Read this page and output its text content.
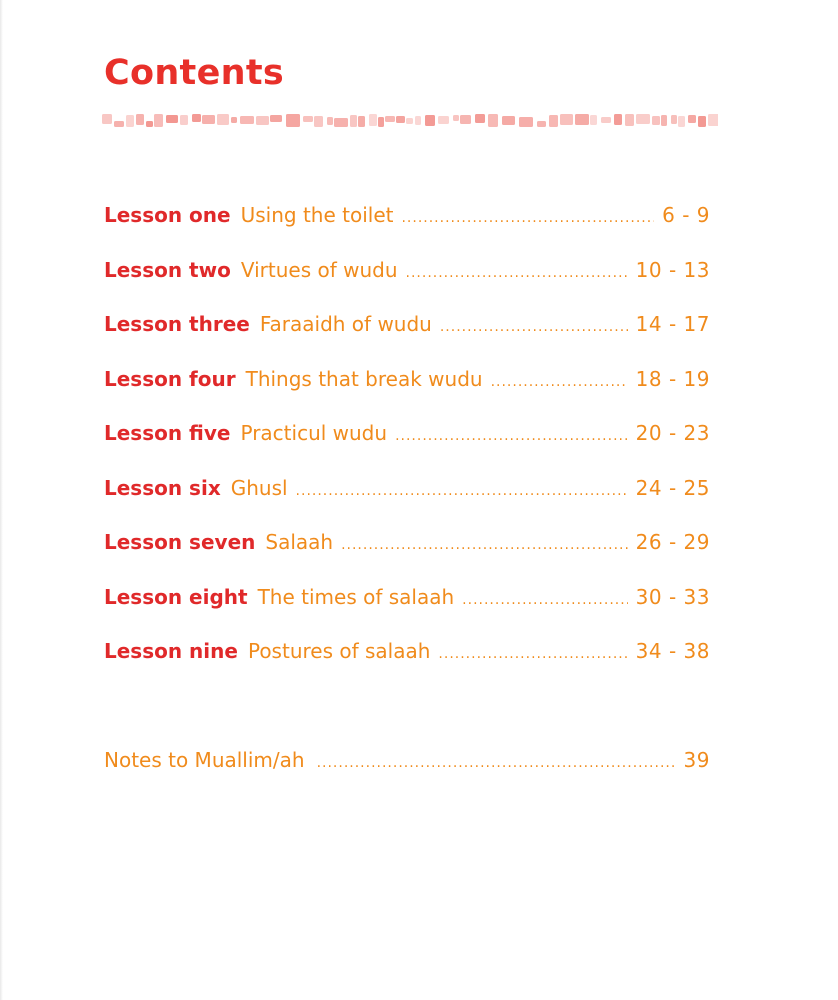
Contents
Lesson one Using the toilet .....	6 - 9
Lesson two Virtues of wudu .....	10 - 13
Lesson three Faraaidh of wudu .....	14 - 17
Lesson four Things that break wudu .....	18 - 19
Lesson five Practicul wudu .....	20 - 23
Lesson six Ghusl .....	24 - 25
Lesson seven Salaah .....	26 - 29
Lesson eight The times of salaah .....	30 - 33
Lesson nine Postures of salaah .....	34 - 38
Notes to Muallim/ah .....	39
